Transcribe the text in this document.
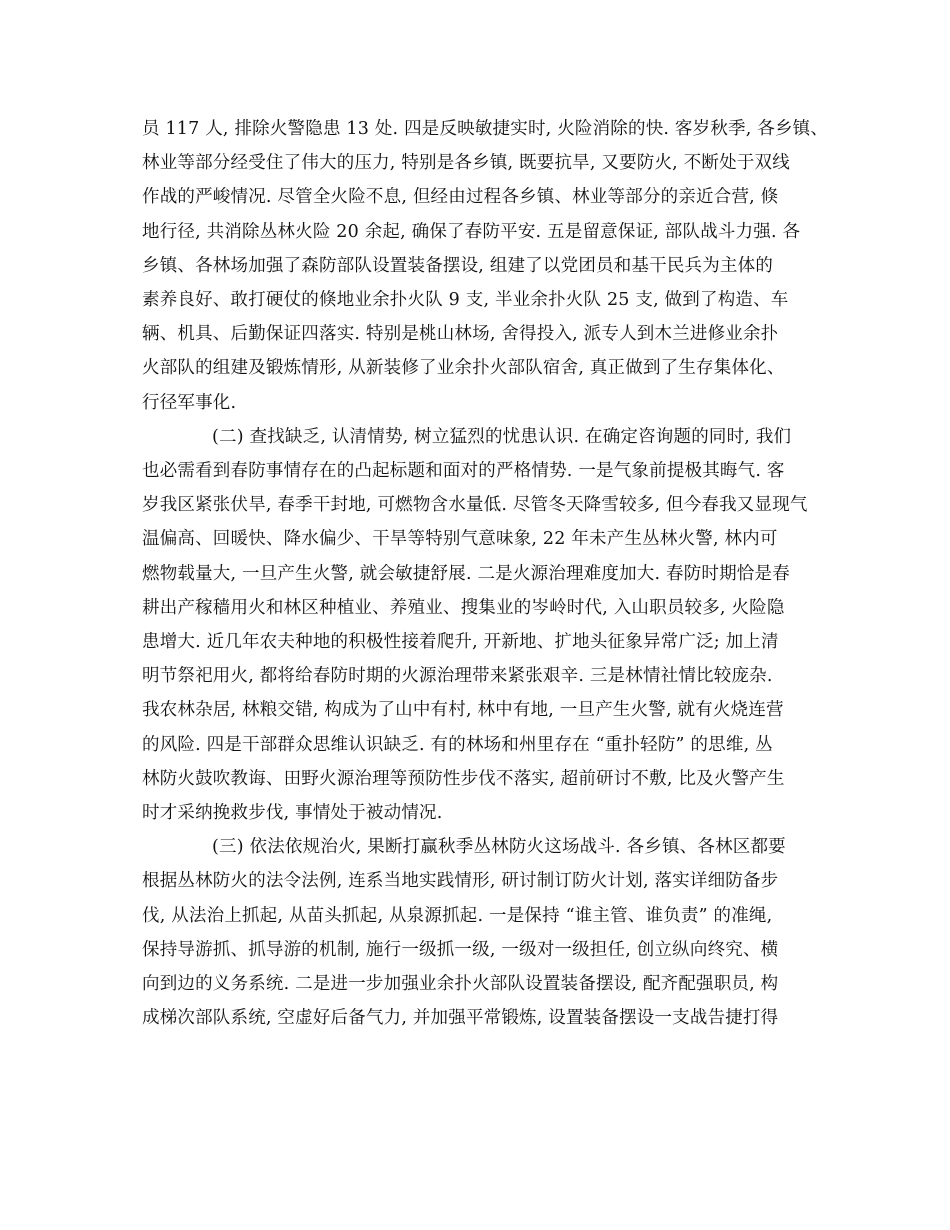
员 117 人, 排除火警隐患 13 处. 四是反映敏捷实时, 火险消除的快. 客岁秋季, 各乡镇、
林业等部分经受住了伟大的压力, 特别是各乡镇, 既要抗旱, 又要防火, 不断处于双线
作战的严峻情况. 尽管全火险不息, 但经由过程各乡镇、林业等部分的亲近合营, 倏
地行径, 共消除丛林火险 20 余起, 确保了春防平安. 五是留意保证, 部队战斗力强. 各
乡镇、各林场加强了森防部队设置装备摆设, 组建了以党团员和基干民兵为主体的
素养良好、敢打硬仗的倏地业余扑火队 9 支, 半业余扑火队 25 支, 做到了构造、车
辆、机具、后勤保证四落实. 特别是桃山林场, 舍得投入, 派专人到木兰进修业余扑
火部队的组建及锻炼情形, 从新装修了业余扑火部队宿舍, 真正做到了生存集体化、
行径军事化.
(二) 查找缺乏, 认清情势, 树立猛烈的忧患认识. 在确定咨询题的同时, 我们
也必需看到春防事情存在的凸起标题和面对的严格情势. 一是气象前提极其晦气. 客
岁我区紧张伏旱, 春季干封地, 可燃物含水量低. 尽管冬天降雪较多, 但今春我又显现气
温偏高、回暖快、降水偏少、干旱等特别气意味象, 22 年未产生丛林火警, 林内可
燃物载量大, 一旦产生火警, 就会敏捷舒展. 二是火源治理难度加大. 春防时期恰是春
耕出产稼穑用火和林区种植业、养殖业、搜集业的岑岭时代, 入山职员较多, 火险隐
患增大. 近几年农夫种地的积极性接着爬升, 开新地、扩地头征象异常广泛; 加上清
明节祭祀用火, 都将给春防时期的火源治理带来紧张艰辛. 三是林情社情比较庞杂.
我农林杂居, 林粮交错, 构成为了山中有村, 林中有地, 一旦产生火警, 就有火烧连营
的风险. 四是干部群众思维认识缺乏. 有的林场和州里存在 “重扑轻防” 的思维, 丛
林防火鼓吹教诲、田野火源治理等预防性步伐不落实, 超前研讨不敷, 比及火警产生
时才采纳挽救步伐, 事情处于被动情况.
(三) 依法依规治火, 果断打赢秋季丛林防火这场战斗. 各乡镇、各林区都要
根据丛林防火的法令法例, 连系当地实践情形, 研讨制订防火计划, 落实详细防备步
伐, 从法治上抓起, 从苗头抓起, 从泉源抓起. 一是保持 “谁主管、谁负责” 的准绳,
保持导游抓、抓导游的机制, 施行一级抓一级, 一级对一级担任, 创立纵向终究、横
向到边的义务系统. 二是进一步加强业余扑火部队设置装备摆设, 配齐配强职员, 构
成梯次部队系统, 空虚好后备气力, 并加强平常锻炼, 设置装备摆设一支战告捷打得
